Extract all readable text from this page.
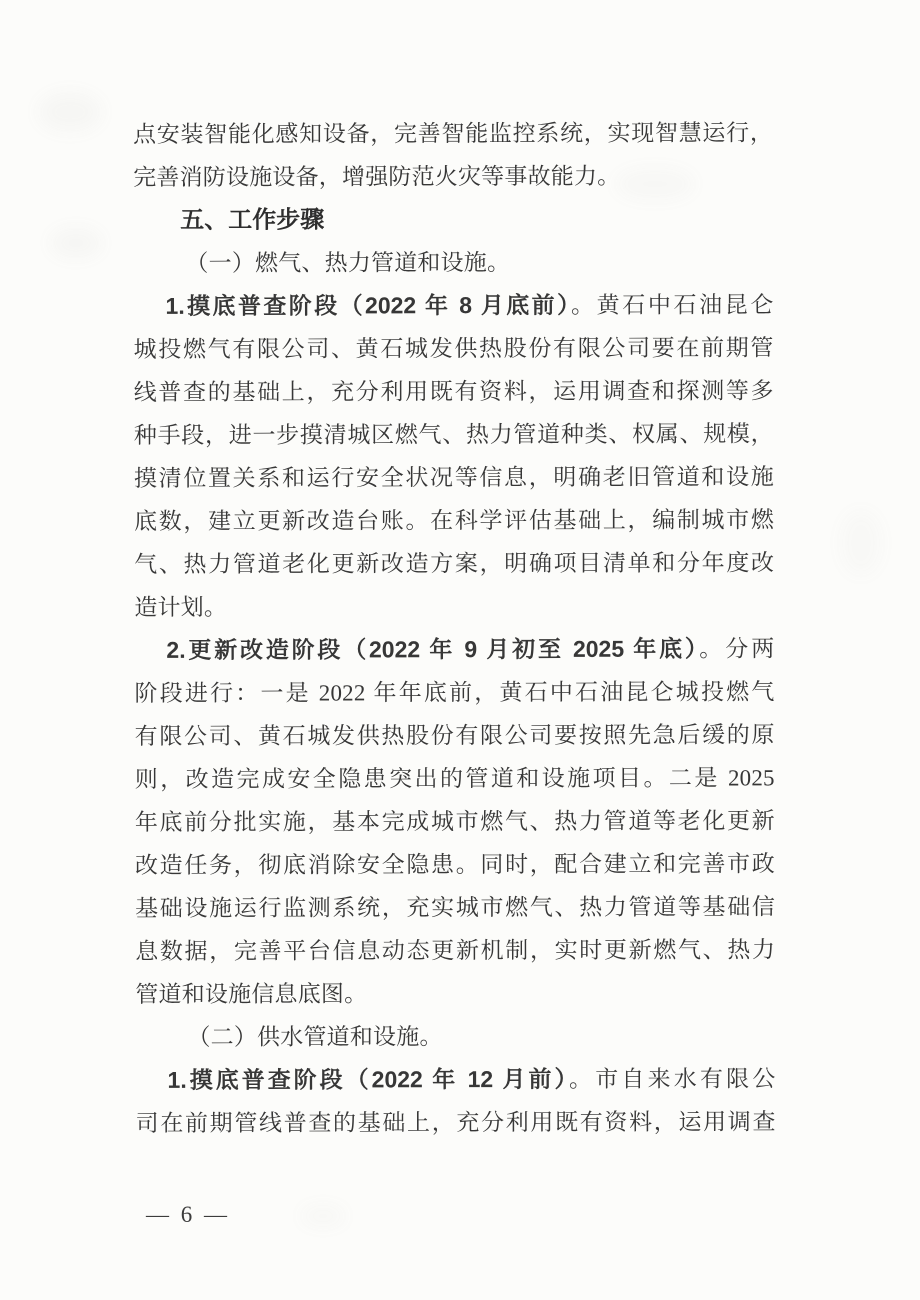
点安装智能化感知设备，完善智能监控系统，实现智慧运行，
完善消防设施设备，增强防范火灾等事故能力。
五、工作步骤
（一）燃气、热力管道和设施。
1.摸底普查阶段（2022 年 8 月底前）。黄石中石油昆仑
城投燃气有限公司、黄石城发供热股份有限公司要在前期管
线普查的基础上，充分利用既有资料，运用调查和探测等多
种手段，进一步摸清城区燃气、热力管道种类、权属、规模，
摸清位置关系和运行安全状况等信息，明确老旧管道和设施
底数，建立更新改造台账。在科学评估基础上，编制城市燃
气、热力管道老化更新改造方案，明确项目清单和分年度改
造计划。
2.更新改造阶段（2022 年 9 月初至 2025 年底）。分两
阶段进行：一是 2022 年年底前，黄石中石油昆仑城投燃气
有限公司、黄石城发供热股份有限公司要按照先急后缓的原
则，改造完成安全隐患突出的管道和设施项目。二是 2025
年底前分批实施，基本完成城市燃气、热力管道等老化更新
改造任务，彻底消除安全隐患。同时，配合建立和完善市政
基础设施运行监测系统，充实城市燃气、热力管道等基础信
息数据，完善平台信息动态更新机制，实时更新燃气、热力
管道和设施信息底图。
（二）供水管道和设施。
1.摸底普查阶段（2022 年 12 月前）。市自来水有限公
司在前期管线普查的基础上，充分利用既有资料，运用调查
— 6 —
